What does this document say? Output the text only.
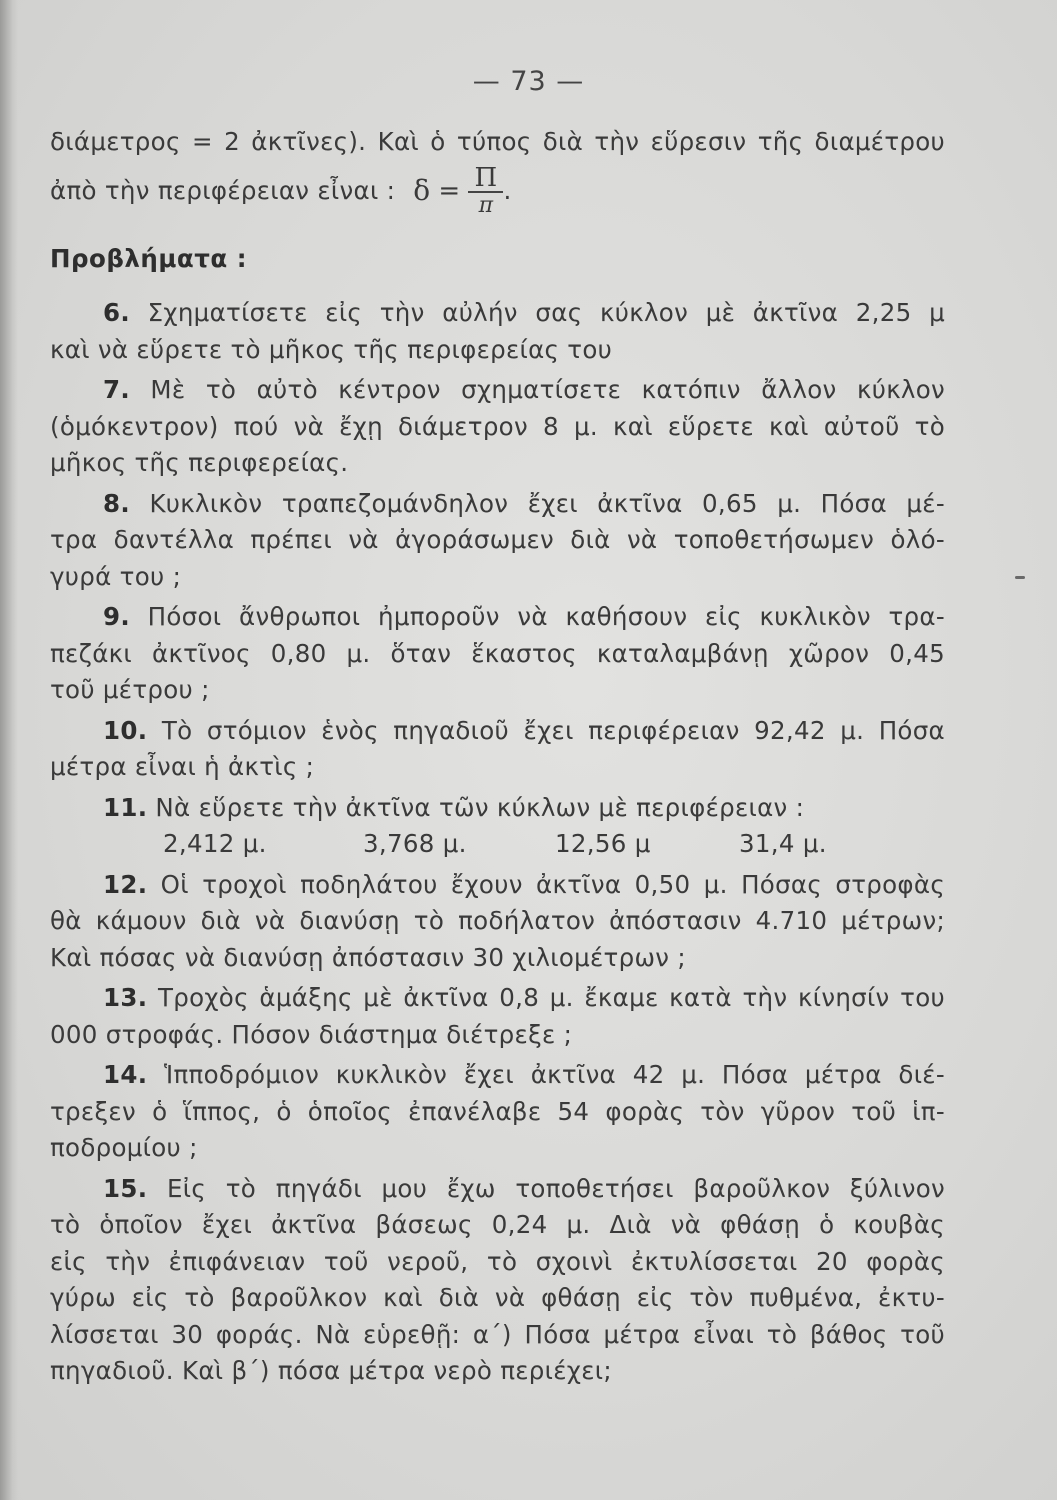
— 73 —
διάμετρος = 2 ἀκτῖνες). Καὶ ὁ τύπος διὰ τὴν εὕρεσιν τῆς διαμέτρου
ἀπὸ τὴν περιφέρειαν εἶναι : $\delta = \frac{\Pi}{\pi}$ .
Προβλήματα :
6. Σχηματίσετε εἰς τὴν αὐλήν σας κύκλον μὲ ἀκτῖνα 2,25 μ
καὶ νὰ εὕρετε τὸ μῆκος τῆς περιφερείας του
7. Μὲ τὸ αὐτὸ κέντρον σχηματίσετε κατόπιν ἄλλον κύκλον
(ὁμόκεντρον) πού νὰ ἔχῃ διάμετρον 8 μ. καὶ εὕρετε καὶ αὐτοῦ τὸ
μῆκος τῆς περιφερείας.
8. Κυκλικὸν τραπεζομάνδηλον ἔχει ἀκτῖνα 0,65 μ. Πόσα μέ-
τρα δαντέλλα πρέπει νὰ ἀγοράσωμεν διὰ νὰ τοποθετήσωμεν ὁλό-
γυρά του ;
9. Πόσοι ἄνθρωποι ἠμποροῦν νὰ καθήσουν εἰς κυκλικὸν τρα-
πεζάκι ἀκτῖνος 0,80 μ. ὅταν ἕκαστος καταλαμβάνῃ χῶρον 0,45
τοῦ μέτρου ;
10. Τὸ στόμιον ἑνὸς πηγαδιοῦ ἔχει περιφέρειαν 92,42 μ. Πόσα
μέτρα εἶναι ἡ ἀκτὶς ;
11. Νὰ εὕρετε τὴν ἀκτῖνα τῶν κύκλων μὲ περιφέρειαν :
2,412 μ.	3,768 μ.	12,56 μ	31,4 μ.
12. Οἱ τροχοὶ ποδηλάτου ἔχουν ἀκτῖνα 0,50 μ. Πόσας στροφὰς
θὰ κάμουν διὰ νὰ διανύσῃ τὸ ποδήλατον ἀπόστασιν 4.710 μέτρων;
Καὶ πόσας νὰ διανύσῃ ἀπόστασιν 30 χιλιομέτρων ;
13. Τροχὸς ἁμάξης μὲ ἀκτῖνα 0,8 μ. ἔκαμε κατὰ τὴν κίνησίν του
000 στροφάς. Πόσον διάστημα διέτρεξε ;
14. Ἱπποδρόμιον κυκλικὸν ἔχει ἀκτῖνα 42 μ. Πόσα μέτρα διέ-
τρεξεν ὁ ἵππος, ὁ ὁποῖος ἐπανέλαβε 54 φορὰς τὸν γῦρον τοῦ ἱπ-
ποδρομίου ;
15. Εἰς τὸ πηγάδι μου ἔχω τοποθετήσει βαροῦλκον ξύλινον
τὸ ὁποῖον ἔχει ἀκτῖνα βάσεως 0,24 μ. Διὰ νὰ φθάσῃ ὁ κουβὰς
εἰς τὴν ἐπιφάνειαν τοῦ νεροῦ, τὸ σχοινὶ ἐκτυλίσσεται 20 φορὰς
γύρω εἰς τὸ βαροῦλκον καὶ διὰ νὰ φθάσῃ εἰς τὸν πυθμένα, ἐκτυ-
λίσσεται 30 φοράς. Νὰ εὑρεθῇ: α΄) Πόσα μέτρα εἶναι τὸ βάθος τοῦ
πηγαδιοῦ. Καὶ β΄) πόσα μέτρα νερὸ περιέχει;
